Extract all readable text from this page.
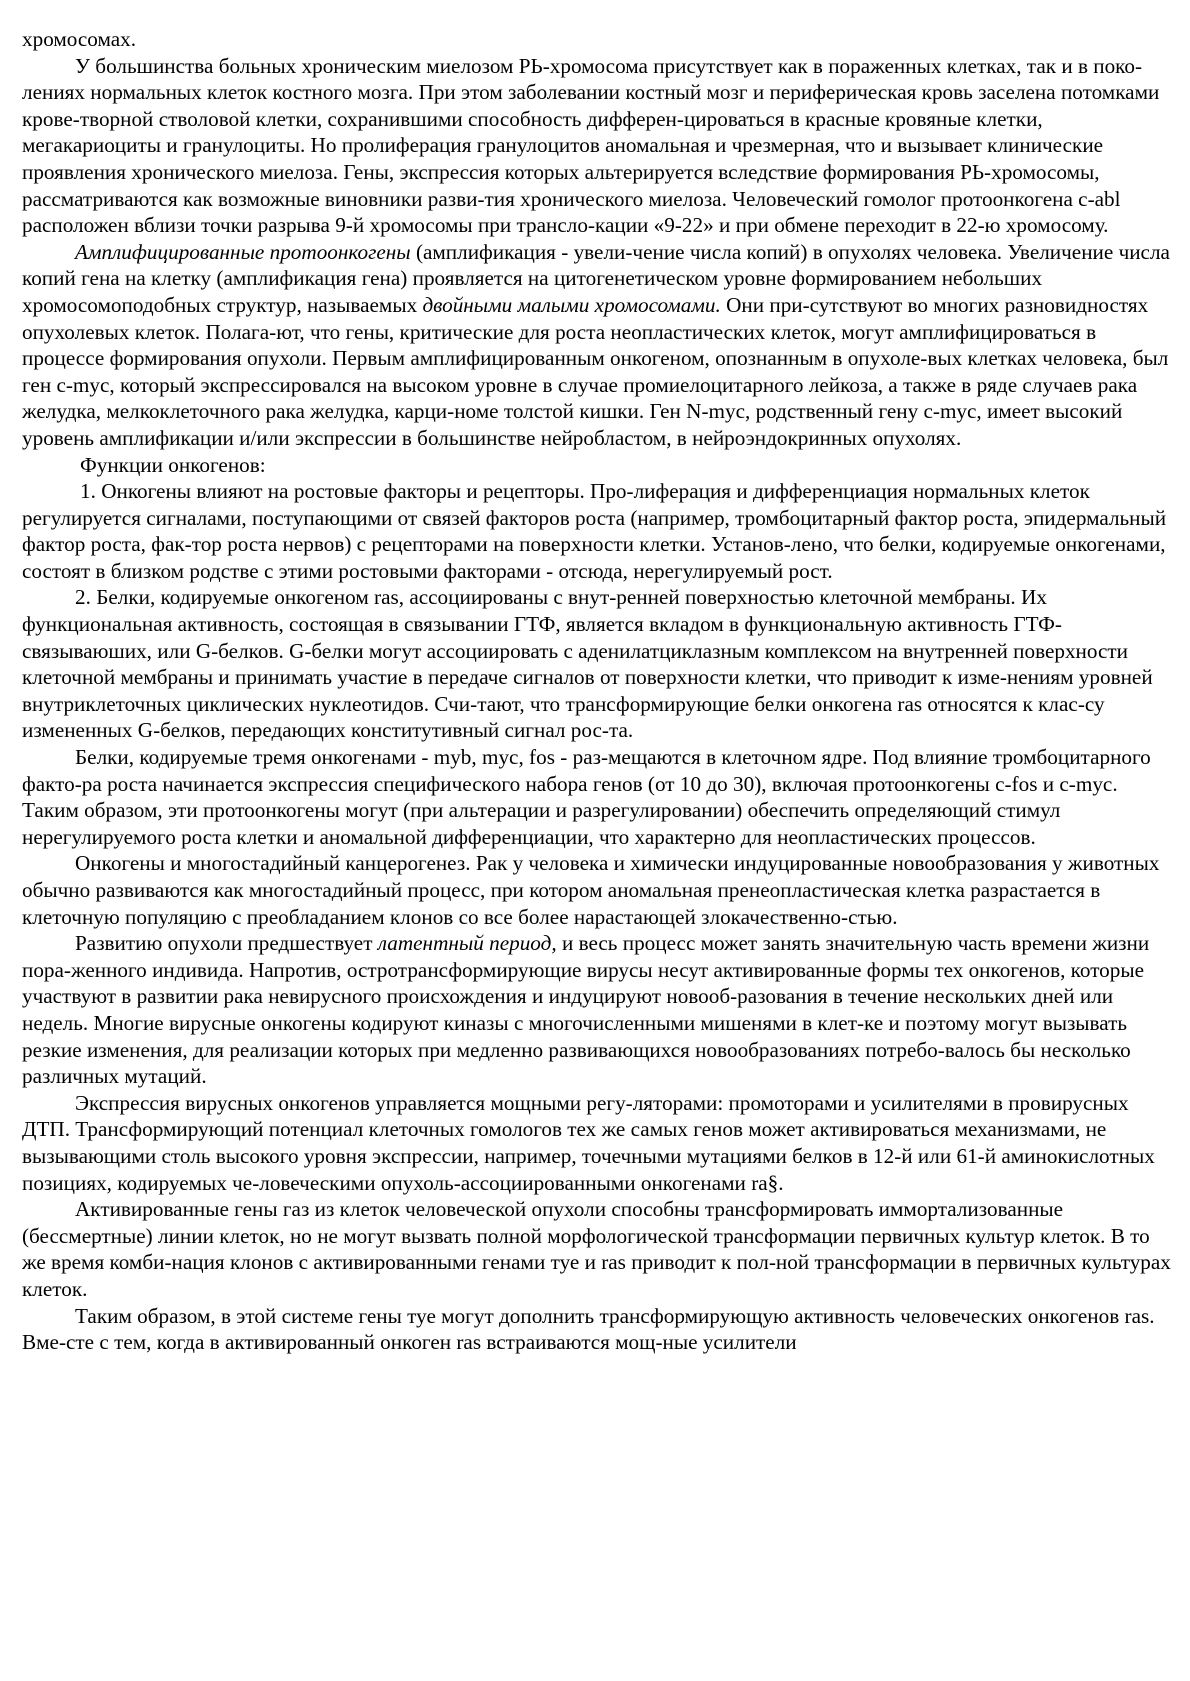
хромосомах.

У большинства больных хроническим миелозом РЬ-хромосома присутствует как в пораженных клетках, так и в поко-лениях нормальных клеток костного мозга. При этом заболевании костный мозг и периферическая кровь заселена потомками крове-творной стволовой клетки, сохранившими способность дифферен-цироваться в красные кровяные клетки, мегакариоциты и гранулоциты. Но пролиферация гранулоцитов аномальная и чрезмерная, что и вызывает клинические проявления хронического миелоза. Гены, экспрессия которых альтерируется вследствие формирования РЬ-хромосомы, рассматриваются как возможные виновники разви-тия хронического миелоза. Человеческий гомолог протоонкогена c-abl расположен вблизи точки разрыва 9-й хромосомы при трансло-кации «9-22» и при обмене переходит в 22-ю хромосому.

Амплифицированные протоонкогены (амплификация - увели-чение числа копий) в опухолях человека. Увеличение числа копий гена на клетку (амплификация гена) проявляется на цитогенетическом уровне формированием небольших хромосомоподобных структур, называемых двойными малыми хромосомами. Они при-сутствуют во многих разновидностях опухолевых клеток. Полага-ют, что гены, критические для роста неопластических клеток, могут амплифицироваться в процессе формирования опухоли. Первым амплифицированным онкогеном, опознанным в опухоле-вых клетках человека, был ген c-myc, который экспрессировался на высоком уровне в случае промиелоцитарного лейкоза, а также в ряде случаев рака желудка, мелкоклеточного рака желудка, карци-номе толстой кишки. Ген N-myc, родственный гену c-myc, имеет высокий уровень амплификации и/или экспрессии в большинстве нейробластом, в нейроэндокринных опухолях.

Функции онкогенов:

1. Онкогены влияют на ростовые факторы и рецепторы. Про-лиферация и дифференциация нормальных клеток регулируется сигналами, поступающими от связей факторов роста (например, тромбоцитарный фактор роста, эпидермальный фактор роста, фак-тор роста нервов) с рецепторами на поверхности клетки. Установ-лено, что белки, кодируемые онкогенами, состоят в близком родстве с этими ростовыми факторами - отсюда, нерегулируемый рост.

2. Белки, кодируемые онкогеном ras, ассоциированы с внут-ренней поверхностью клеточной мембраны. Их функциональная активность, состоящая в связывании ГТФ, является вкладом в функциональную активность ГТФ-связываюших, или G-белков. G-белки могут ассоциировать с аденилатциклазным комплексом на внутренней поверхности клеточной мембраны и принимать участие в передаче сигналов от поверхности клетки, что приводит к изме-нениям уровней внутриклеточных циклических нуклеотидов. Счи-тают, что трансформирующие белки онкогена ras относятся к клас-су измененных G-белков, передающих конститутивный сигнал рос-та.

Белки, кодируемые тремя онкогенами - myb, myc, fos - раз-мещаются в клеточном ядре. Под влияние тромбоцитарного факто-ра роста начинается экспрессия специфического набора генов (от 10 до 30), включая протоонкогены c-fos и c-myc. Таким образом, эти протоонкогены могут (при альтерации и разрегулировании) обеспечить определяющий стимул нерегулируемого роста клетки и аномальной дифференциации, что характерно для неопластических процессов.

Онкогены и многостадийный канцерогенез. Рак у человека и химически индуцированные новообразования у животных обычно развиваются как многостадийный процесс, при котором аномальная пренеопластическая клетка разрастается в клеточную популяцию с преобладанием клонов со все более нарастающей злокачественно-стью.

Развитию опухоли предшествует латентный период, и весь процесс может занять значительную часть времени жизни пора-женного индивида. Напротив, остротрансформирующие вирусы несут активированные формы тех онкогенов, которые участвуют в развитии рака невирусного происхождения и индуцируют новооб-разования в течение нескольких дней или недель. Многие вирусные онкогены кодируют киназы с многочисленными мишенями в клет-ке и поэтому могут вызывать резкие изменения, для реализации которых при медленно развивающихся новообразованиях потребо-валось бы несколько различных мутаций.

Экспрессия вирусных онкогенов управляется мощными регу-ляторами: промоторами и усилителями в провирусных ДТП. Трансформирующий потенциал клеточных гомологов тех же самых генов может активироваться механизмами, не вызывающими столь высокого уровня экспрессии, например, точечными мутациями белков в 12-й или 61-й аминокислотных позициях, кодируемых че-ловеческими опухоль-ассоциированными онкогенами ra§.

Активированные гены газ из клеток человеческой опухоли способны трансформировать иммортализованные (бессмертные) линии клеток, но не могут вызвать полной морфологической трансформации первичных культур клеток. В то же время комби-нация клонов с активированными генами туе и ras приводит к пол-ной трансформации в первичных культурах клеток.

Таким образом, в этой системе гены туе могут дополнить трансформирующую активность человеческих онкогенов ras. Вме-сте с тем, когда в активированный онкоген ras встраиваются мощ-ные усилители
